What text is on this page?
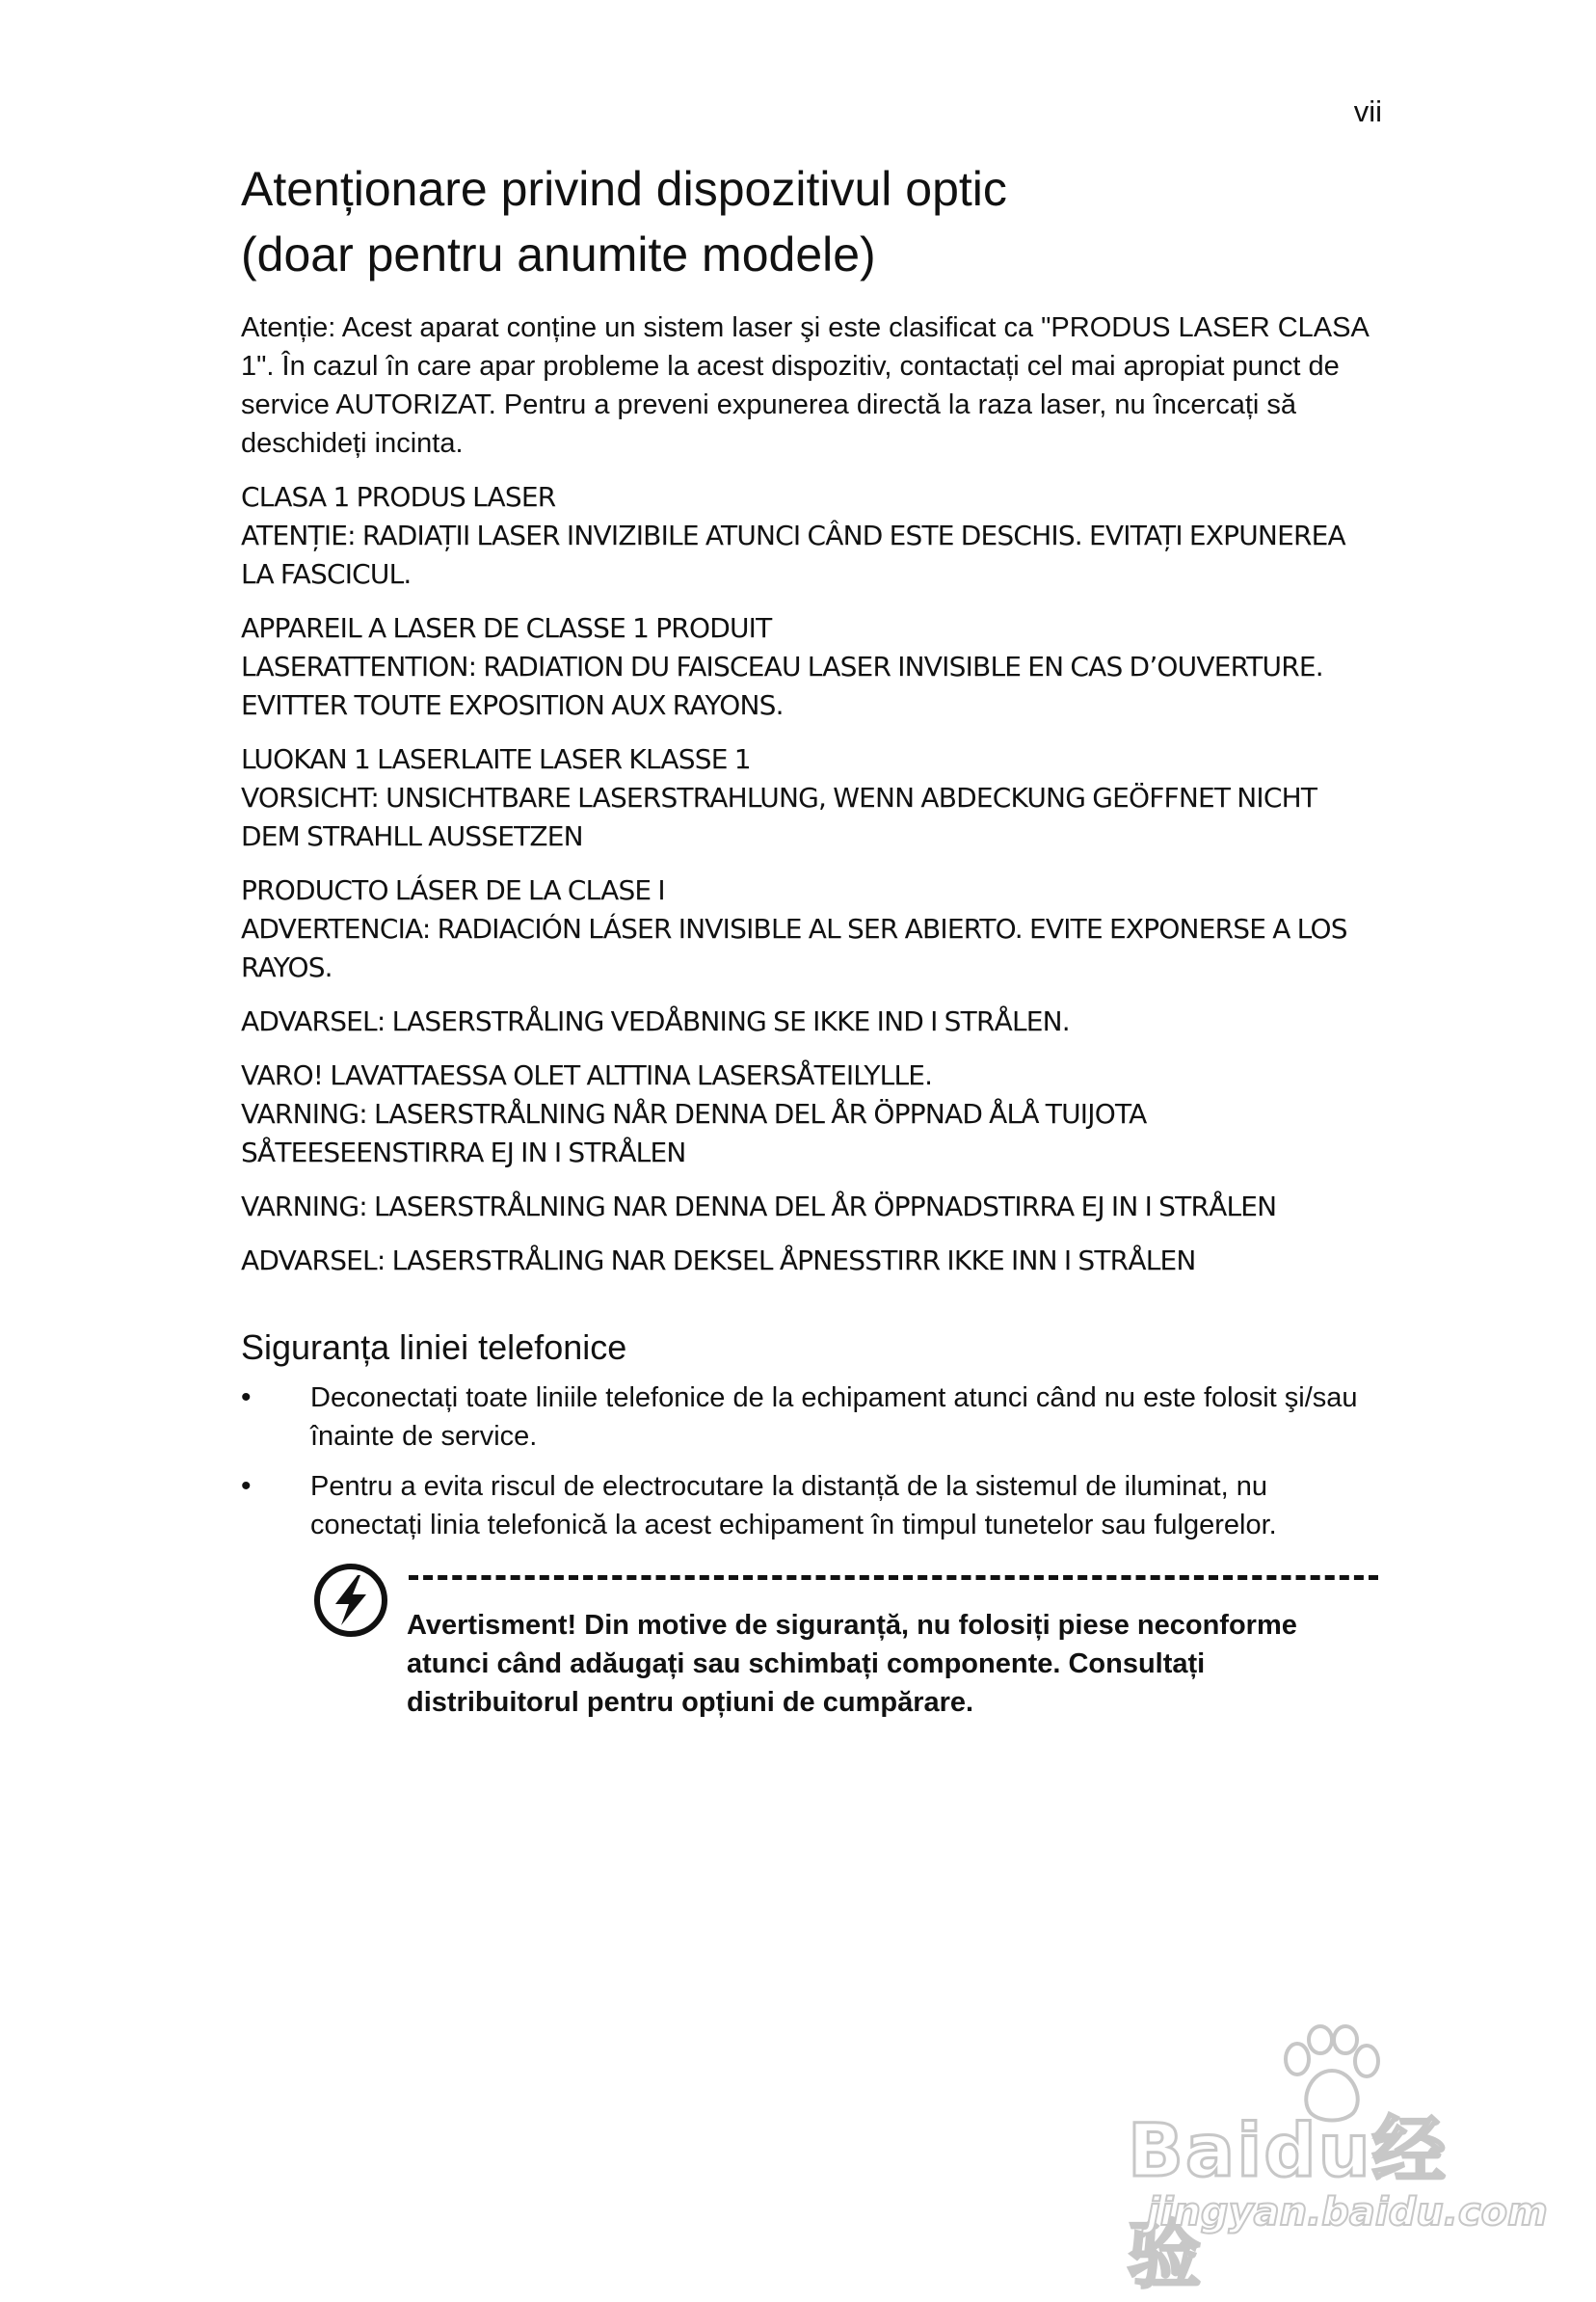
vii
Atenționare privind dispozitivul optic
(doar pentru anumite modele)

Atenție: Acest aparat conține un sistem laser şi este clasificat ca "PRODUS LASER CLASA 1". În cazul în care apar probleme la acest dispozitiv, contactați cel mai apropiat punct de service AUTORIZAT. Pentru a preveni expunerea directă la raza laser, nu încercați să deschideți incinta.

CLASA 1 PRODUS LASER
ATENȚIE: RADIAȚII LASER INVIZIBILE ATUNCI CÂND ESTE DESCHIS. EVITAȚI EXPUNEREA LA FASCICUL.
APPAREIL A LASER DE CLASSE 1 PRODUIT
LASERATTENTION: RADIATION DU FAISCEAU LASER INVISIBLE EN CAS D’OUVERTURE. EVITTER TOUTE EXPOSITION AUX RAYONS.
LUOKAN 1 LASERLAITE LASER KLASSE 1
VORSICHT: UNSICHTBARE LASERSTRAHLUNG, WENN ABDECKUNG GEÖFFNET NICHT DEM STRAHLL AUSSETZEN
PRODUCTO LÁSER DE LA CLASE I
ADVERTENCIA: RADIACIÓN LÁSER INVISIBLE AL SER ABIERTO. EVITE EXPONERSE A LOS RAYOS.
ADVARSEL: LASERSTRÅLING VEDÅBNING SE IKKE IND I STRÅLEN.
VARO! LAVATTAESSA OLET ALTTINA LASERSÅTEILYLLE.
VARNING: LASERSTRÅLNING NÅR DENNA DEL ÅR ÖPPNAD ÅLÅ TUIJOTA SÅTEESEENSTIRRA EJ IN I STRÅLEN
VARNING: LASERSTRÅLNING NAR DENNA DEL ÅR ÖPPNADSTIRRA EJ IN I STRÅLEN
ADVARSEL: LASERSTRÅLING NAR DEKSEL ÅPNESSTIRR IKKE INN I STRÅLEN
Siguranța liniei telefonice
• Deconectați toate liniile telefonice de la echipament atunci când nu este folosit şi/sau înainte de service.
• Pentru a evita riscul de electrocutare la distanță de la sistemul de iluminat, nu conectați linia telefonică la acest echipament în timpul tunetelor sau fulgerelor.
Avertisment! Din motive de siguranță, nu folosiți piese neconforme atunci când adăugați sau schimbați componente. Consultați distribuitorul pentru opțiuni de cumpărare.
Baidu经验
jingyan.baidu.com
